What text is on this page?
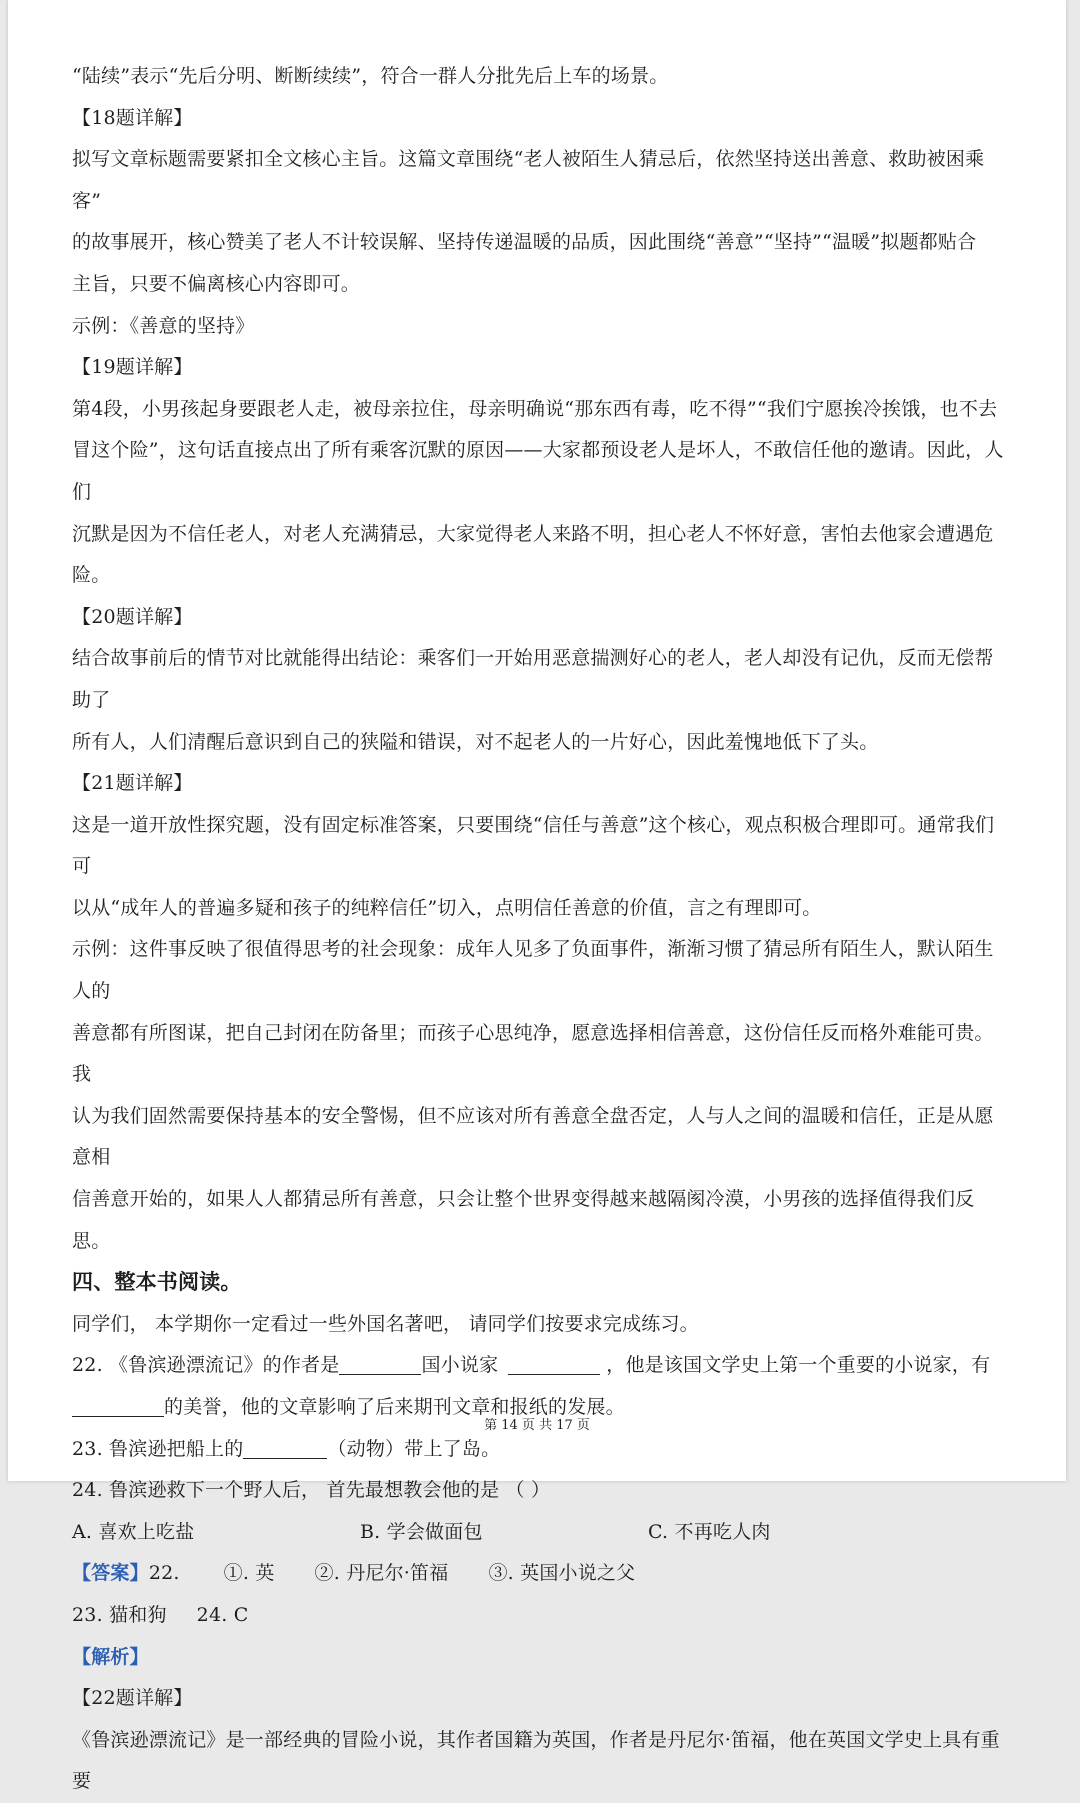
“陆续”表示“先后分明、断断续续”，符合一群人分批先后上车的场景。

【18题详解】

拟写文章标题需要紧扣全文核心主旨。这篇文章围绕“老人被陌生人猜忌后，依然坚持送出善意、救助被困乘客”

的故事展开，核心赞美了老人不计较误解、坚持传递温暖的品质，因此围绕“善意”“坚持”“温暖”拟题都贴合

主旨，只要不偏离核心内容即可。

示例：《善意的坚持》

【19题详解】

第4段，小男孩起身要跟老人走，被母亲拉住，母亲明确说“那东西有毒，吃不得”“我们宁愿挨冷挨饿，也不去

冒这个险”，这句话直接点出了所有乘客沉默的原因——大家都预设老人是坏人，不敢信任他的邀请。因此，人们

沉默是因为不信任老人，对老人充满猜忌，大家觉得老人来路不明，担心老人不怀好意，害怕去他家会遭遇危险。

【20题详解】

结合故事前后的情节对比就能得出结论：乘客们一开始用恶意揣测好心的老人，老人却没有记仇，反而无偿帮助了

所有人，人们清醒后意识到自己的狭隘和错误，对不起老人的一片好心，因此羞愧地低下了头。

【21题详解】

这是一道开放性探究题，没有固定标准答案，只要围绕“信任与善意”这个核心，观点积极合理即可。通常我们可

以从“成年人的普遍多疑和孩子的纯粹信任”切入，点明信任善意的价值，言之有理即可。

示例：这件事反映了很值得思考的社会现象：成年人见多了负面事件，渐渐习惯了猜忌所有陌生人，默认陌生人的

善意都有所图谋，把自己封闭在防备里；而孩子心思纯净，愿意选择相信善意，这份信任反而格外难能可贵。 我

认为我们固然需要保持基本的安全警惕，但不应该对所有善意全盘否定，人与人之间的温暖和信任，正是从愿意相

信善意开始的，如果人人都猜忌所有善意，只会让整个世界变得越来越隔阂冷漠，小男孩的选择值得我们反思。

四、整本书阅读。

同学们， 本学期你一定看过一些外国名著吧， 请同学们按要求完成练习。

22. 《鲁滨逊漂流记》的作者是	国小说家	，他是该国文学史上第一个重要的小说家，有

的美誉，他的文章影响了后来期刊文章和报纸的发展。

23. 鲁滨逊把船上的	（动物）带上了岛。

24. 鲁滨逊救下一个野人后， 首先最想教会他的是 （ ）

A. 喜欢上吃盐	B. 学会做面包	C. 不再吃人肉

【答案】22. ①. 英 ②. 丹尼尔·笛福 ③. 英国小说之父

23. 猫和狗 24. C

【解析】

【22题详解】

《鲁滨逊漂流记》是一部经典的冒险小说，其作者国籍为英国，作者是丹尼尔·笛福，他在英国文学史上具有重要

第 14 页 共 17 页
